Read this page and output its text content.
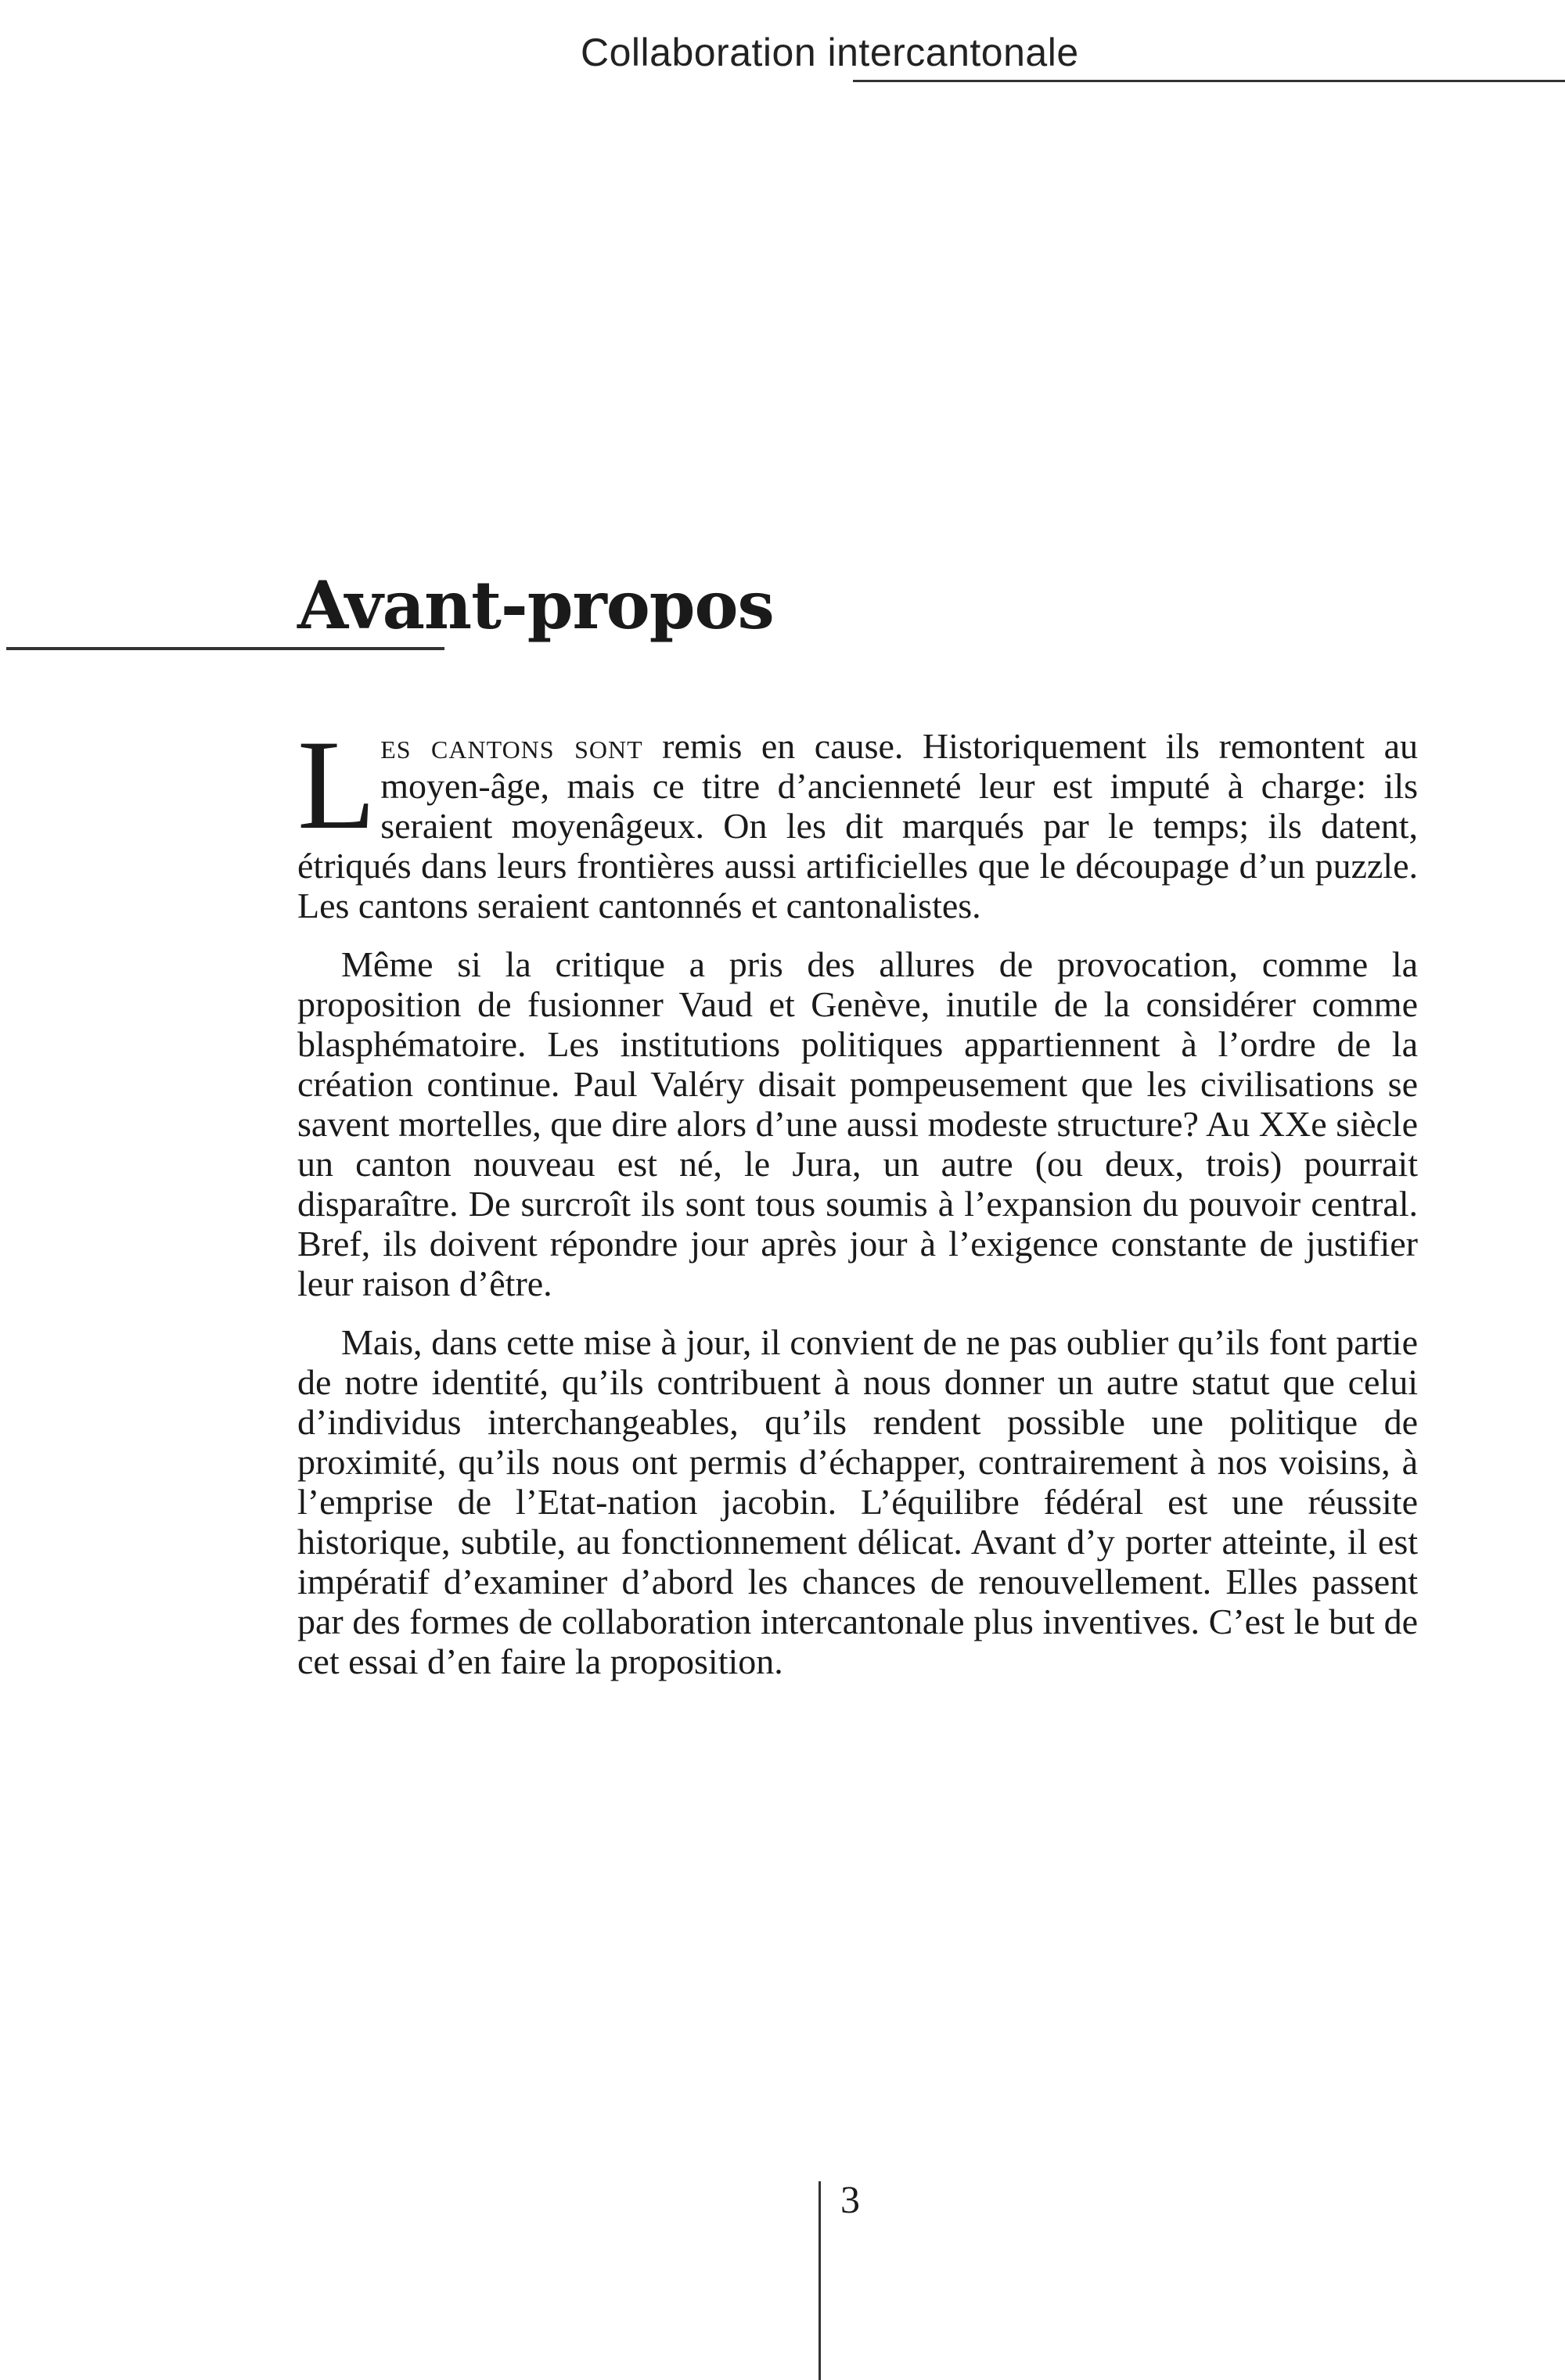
Collaboration intercantonale
Avant-propos

Les cantons sont remis en cause. Historiquement ils remontent au moyen-âge, mais ce titre d’ancienneté leur est imputé à charge: ils seraient moyenâgeux. On les dit marqués par le temps; ils datent, étriqués dans leurs frontières aussi artificielles que le découpage d’un puzzle. Les cantons seraient cantonnés et cantonalistes.

Même si la critique a pris des allures de provocation, comme la proposition de fusionner Vaud et Genève, inutile de la considérer comme blasphématoire. Les institutions politiques appartiennent à l’ordre de la création continue. Paul Valéry disait pompeusement que les civilisations se savent mortelles, que dire alors d’une aussi modeste structure? Au XXe siècle un canton nouveau est né, le Jura, un autre (ou deux, trois) pourrait disparaître. De surcroît ils sont tous soumis à l’expansion du pouvoir central. Bref, ils doivent répondre jour après jour à l’exigence constante de justifier leur raison d’être.

Mais, dans cette mise à jour, il convient de ne pas oublier qu’ils font partie de notre identité, qu’ils contribuent à nous donner un autre statut que celui d’individus interchangeables, qu’ils rendent possible une politique de proximité, qu’ils nous ont permis d’échapper, contrairement à nos voisins, à l’emprise de l’Etat-nation jacobin. L’équilibre fédéral est une réussite historique, subtile, au fonctionnement délicat. Avant d’y porter atteinte, il est impératif d’examiner d’abord les chances de renouvellement. Elles passent par des formes de collaboration intercantonale plus inventives. C’est le but de cet essai d’en faire la proposition.

3
